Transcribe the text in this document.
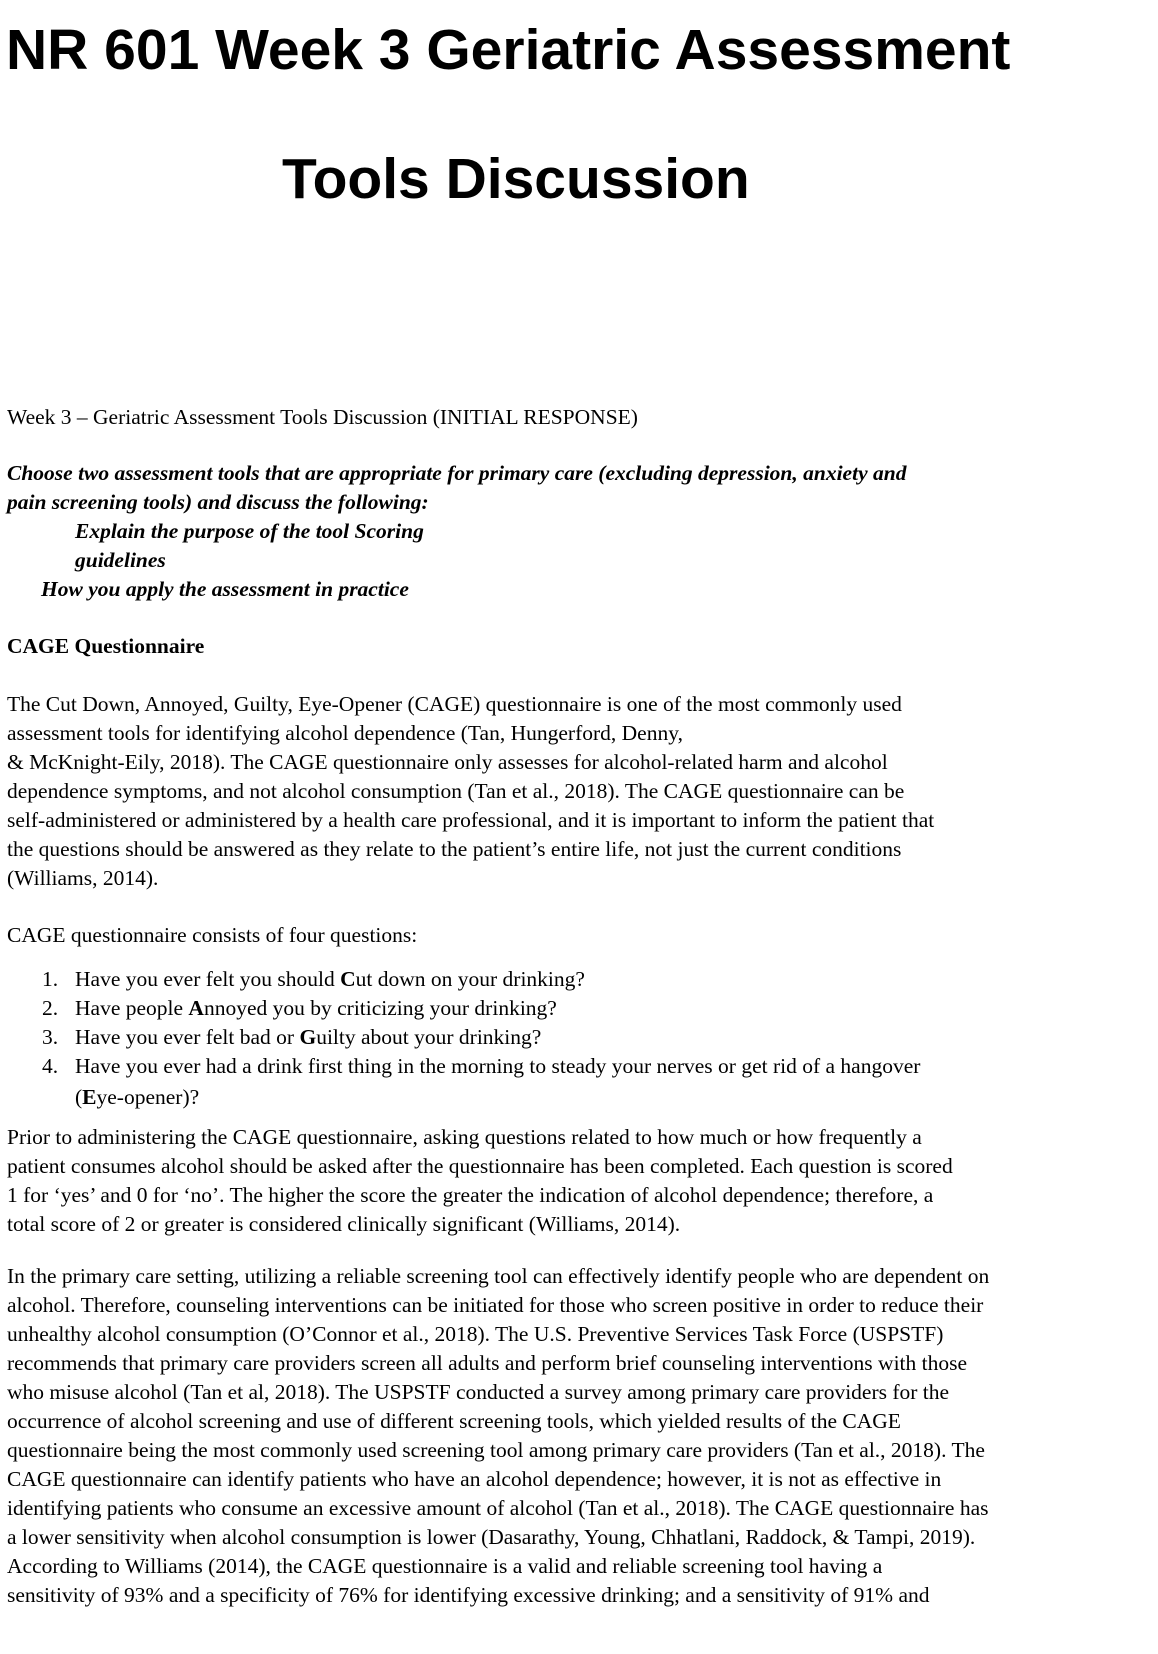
NR 601 Week 3 Geriatric Assessment
Tools Discussion

Week 3 – Geriatric Assessment Tools Discussion (INITIAL RESPONSE)

Choose two assessment tools that are appropriate for primary care (excluding depression, anxiety and
pain screening tools) and discuss the following:
Explain the purpose of the tool Scoring
guidelines
How you apply the assessment in practice
CAGE Questionnaire
The Cut Down, Annoyed, Guilty, Eye-Opener (CAGE) questionnaire is one of the most commonly used
assessment tools for identifying alcohol dependence (Tan, Hungerford, Denny,
& McKnight-Eily, 2018). The CAGE questionnaire only assesses for alcohol-related harm and alcohol
dependence symptoms, and not alcohol consumption (Tan et al., 2018). The CAGE questionnaire can be
self-administered or administered by a health care professional, and it is important to inform the patient that
the questions should be answered as they relate to the patient’s entire life, not just the current conditions
(Williams, 2014).

CAGE questionnaire consists of four questions:

1. Have you ever felt you should Cut down on your drinking?
2. Have people Annoyed you by criticizing your drinking?
3. Have you ever felt bad or Guilty about your drinking?
4. Have you ever had a drink first thing in the morning to steady your nerves or get rid of a hangover
(Eye-opener)?
Prior to administering the CAGE questionnaire, asking questions related to how much or how frequently a
patient consumes alcohol should be asked after the questionnaire has been completed. Each question is scored
1 for ‘yes’ and 0 for ‘no’. The higher the score the greater the indication of alcohol dependence; therefore, a
total score of 2 or greater is considered clinically significant (Williams, 2014).
In the primary care setting, utilizing a reliable screening tool can effectively identify people who are dependent on
alcohol. Therefore, counseling interventions can be initiated for those who screen positive in order to reduce their
unhealthy alcohol consumption (O’Connor et al., 2018). The U.S. Preventive Services Task Force (USPSTF)
recommends that primary care providers screen all adults and perform brief counseling interventions with those
who misuse alcohol (Tan et al, 2018). The USPSTF conducted a survey among primary care providers for the
occurrence of alcohol screening and use of different screening tools, which yielded results of the CAGE
questionnaire being the most commonly used screening tool among primary care providers (Tan et al., 2018). The
CAGE questionnaire can identify patients who have an alcohol dependence; however, it is not as effective in
identifying patients who consume an excessive amount of alcohol (Tan et al., 2018). The CAGE questionnaire has
a lower sensitivity when alcohol consumption is lower (Dasarathy, Young, Chhatlani, Raddock, & Tampi, 2019).
According to Williams (2014), the CAGE questionnaire is a valid and reliable screening tool having a
sensitivity of 93% and a specificity of 76% for identifying excessive drinking; and a sensitivity of 91% and
